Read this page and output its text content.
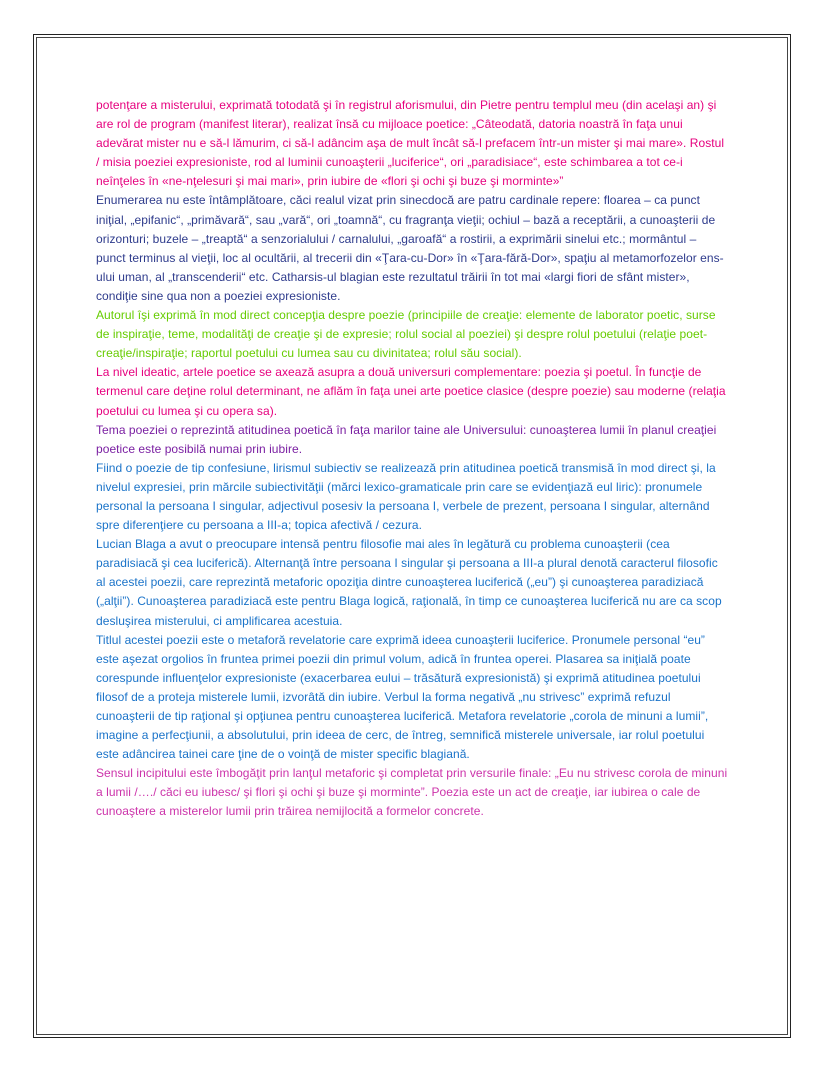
potenţare a misterului, exprimată totodată şi în registrul aforismului, din Pietre pentru templul meu (din acelaşi an) şi are rol de program (manifest literar), realizat însă cu mijloace poetice: „Câteodată, datoria noastră în faţa unui adevărat mister nu e să-l lămurim, ci să-l adâncim aşa de mult încât să-l prefacem într-un mister şi mai mare». Rostul / misia poeziei expresioniste, rod al luminii cunoaşterii „luciferice“, ori „paradisiace“, este schimbarea a tot ce-i neînţeles în «ne-nţelesuri şi mai mari», prin iubire de «flori şi ochi şi buze şi morminte»”

Enumerarea nu este întâmplătoare, căci realul vizat prin sinecdocă are patru cardinale repere: floarea – ca punct iniţial, „epifanic“, „primăvară“, sau „vară“, ori „toamnă“, cu fragranţa vieţii; ochiul – bază a receptării, a cunoaşterii de orizonturi; buzele – „treaptă“ a senzorialului / carnalului, „garoafă“ a rostirii, a exprimării sinelui etc.; mormântul – punct terminus al vieţii, loc al ocultării, al trecerii din «Ţara-cu-Dor» în «Ţara-fără-Dor», spaţiu al metamorfozelor ens-ului uman, al „transcenderii“ etc. Catharsis-ul blagian este rezultatul trăirii în tot mai «largi fiori de sfânt mister», condiţie sine qua non a poeziei expresioniste.

Autorul îşi exprimă în mod direct concepţia despre poezie (principiile de creaţie: elemente de laborator poetic, surse de inspiraţie, teme, modalităţi de creaţie şi de expresie; rolul social al poeziei) şi despre rolul poetului (relaţie poet-creaţie/inspiraţie; raportul poetului cu lumea sau cu divinitatea; rolul său social).

La nivel ideatic, artele poetice se axează asupra a două universuri complementare: poezia şi poetul. În funcţie de termenul care deţine rolul determinant, ne aflăm în faţa unei arte poetice clasice (despre poezie) sau moderne (relaţia poetului cu lumea şi cu opera sa).

Tema poeziei o reprezintă atitudinea poetică în faţa marilor taine ale Universului: cunoaşterea lumii în planul creaţiei poetice este posibilă numai prin iubire.

Fiind o poezie de tip confesiune, lirismul subiectiv se realizează prin atitudinea poetică transmisă în mod direct şi, la nivelul expresiei, prin mărcile subiectivităţii (mărci lexico-gramaticale prin care se evidenţiază eul liric): pronumele personal la persoana I singular, adjectivul posesiv la persoana I, verbele de prezent, persoana I singular, alternând spre diferenţiere cu persoana a III-a; topica afectivă / cezura.

Lucian Blaga a avut o preocupare intensă pentru filosofie mai ales în legătură cu problema cunoaşterii (cea paradisiacă şi cea luciferică). Alternanţă între persoana I singular şi persoana a III-a plural denotă caracterul filosofic al acestei poezii, care reprezintă metaforic opoziţia dintre cunoaşterea luciferică („eu”) şi cunoaşterea paradiziacă („alţii”). Cunoaşterea paradiziacă este pentru Blaga logică, raţională, în timp ce cunoaşterea luciferică nu are ca scop desluşirea misterului, ci amplificarea acestuia.

Titlul acestei poezii este o metaforă revelatorie care exprimă ideea cunoaşterii luciferice. Pronumele personal “eu” este aşezat orgolios în fruntea primei poezii din primul volum, adică în fruntea operei. Plasarea sa iniţială poate corespunde influenţelor expresioniste (exacerbarea eului – trăsătură expresionistă) şi exprimă atitudinea poetului filosof de a proteja misterele lumii, izvorâtă din iubire. Verbul la forma negativă „nu strivesc” exprimă refuzul cunoaşterii de tip raţional şi opţiunea pentru cunoaşterea luciferică. Metafora revelatorie „corola de minuni a lumii”, imagine a perfecţiunii, a absolutului, prin ideea de cerc, de întreg, semnifică misterele universale, iar rolul poetului este adâncirea tainei care ţine de o voinţă de mister specific blagiană.

Sensul incipitului este îmbogăţit prin lanţul metaforic şi completat prin versurile finale: „Eu nu strivesc corola de minuni a lumii /…./ căci eu iubesc/ şi flori şi ochi şi buze şi morminte”. Poezia este un act de creaţie, iar iubirea o cale de cunoaştere a misterelor lumii prin trăirea nemijlocită a formelor concrete.
